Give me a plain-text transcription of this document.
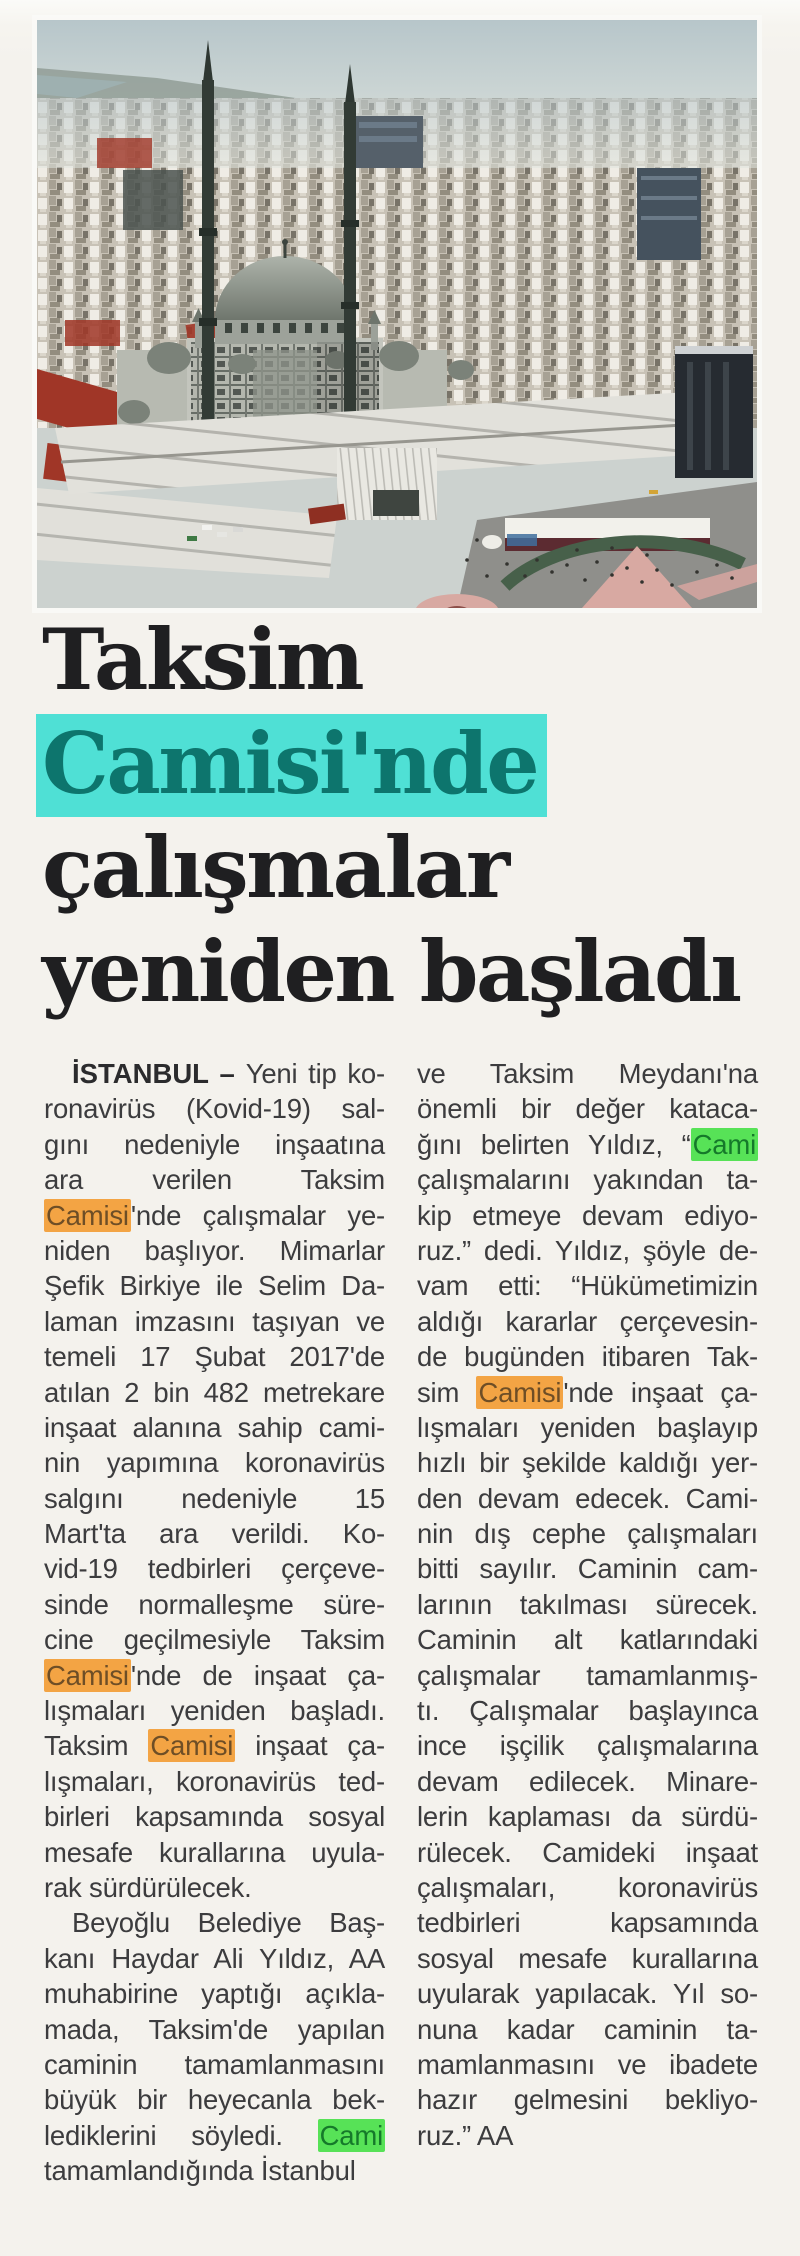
Taksim
Camisi'nde
çalışmalar
yeniden başladı
İSTANBUL – Yeni tip ko-
ronavirüs (Kovid-19) sal-
gını nedeniyle inşaatına
ara verilen Taksim
Camisi'nde çalışmalar ye-
niden başlıyor. Mimarlar
Şefik Birkiye ile Selim Da-
laman imzasını taşıyan ve
temeli 17 Şubat 2017'de
atılan 2 bin 482 metrekare
inşaat alanına sahip cami-
nin yapımına koronavirüs
salgını nedeniyle 15
Mart'ta ara verildi. Ko-
vid-19 tedbirleri çerçeve-
sinde normalleşme süre-
cine geçilmesiyle Taksim
Camisi'nde de inşaat ça-
lışmaları yeniden başladı.
Taksim Camisi inşaat ça-
lışmaları, koronavirüs ted-
birleri kapsamında sosyal
mesafe kurallarına uyula-
rak sürdürülecek.
Beyoğlu Belediye Baş-
kanı Haydar Ali Yıldız, AA
muhabirine yaptığı açıkla-
mada, Taksim'de yapılan
caminin tamamlanmasını
büyük bir heyecanla bek-
lediklerini söyledi. Cami
tamamlandığında İstanbul
ve Taksim Meydanı'na
önemli bir değer kataca-
ğını belirten Yıldız, “Cami
çalışmalarını yakından ta-
kip etmeye devam ediyo-
ruz.” dedi. Yıldız, şöyle de-
vam etti: “Hükümetimizin
aldığı kararlar çerçevesin-
de bugünden itibaren Tak-
sim Camisi'nde inşaat ça-
lışmaları yeniden başlayıp
hızlı bir şekilde kaldığı yer-
den devam edecek. Cami-
nin dış cephe çalışmaları
bitti sayılır. Caminin cam-
larının takılması sürecek.
Caminin alt katlarındaki
çalışmalar tamamlanmış-
tı. Çalışmalar başlayınca
ince işçilik çalışmalarına
devam edilecek. Minare-
lerin kaplaması da sürdü-
rülecek. Camideki inşaat
çalışmaları, koronavirüs
tedbirleri kapsamında
sosyal mesafe kurallarına
uyularak yapılacak. Yıl so-
nuna kadar caminin ta-
mamlanmasını ve ibadete
hazır gelmesini bekliyo-
ruz.” AA
